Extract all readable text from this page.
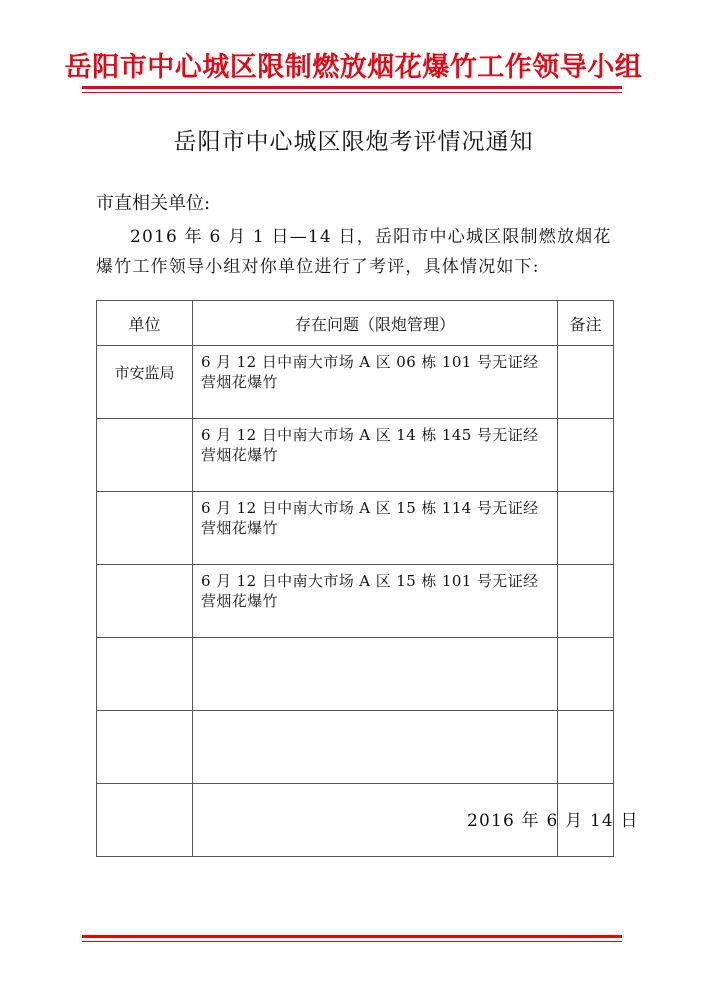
岳阳市中心城区限制燃放烟花爆竹工作领导小组
岳阳市中心城区限炮考评情况通知
市直相关单位:
2016 年 6 月 1 日—14 日，岳阳市中心城区限制燃放烟花爆竹工作领导小组对你单位进行了考评，具体情况如下:
单位	存在问题（限炮管理）	备注
市安监局	6 月 12 日中南大市场 A 区 06 栋 101 号无证经营烟花爆竹	
	6 月 12 日中南大市场 A 区 14 栋 145 号无证经营烟花爆竹	
	6 月 12 日中南大市场 A 区 15 栋 114 号无证经营烟花爆竹	
	6 月 12 日中南大市场 A 区 15 栋 101 号无证经营烟花爆竹	

2016 年 6 月 14 日
